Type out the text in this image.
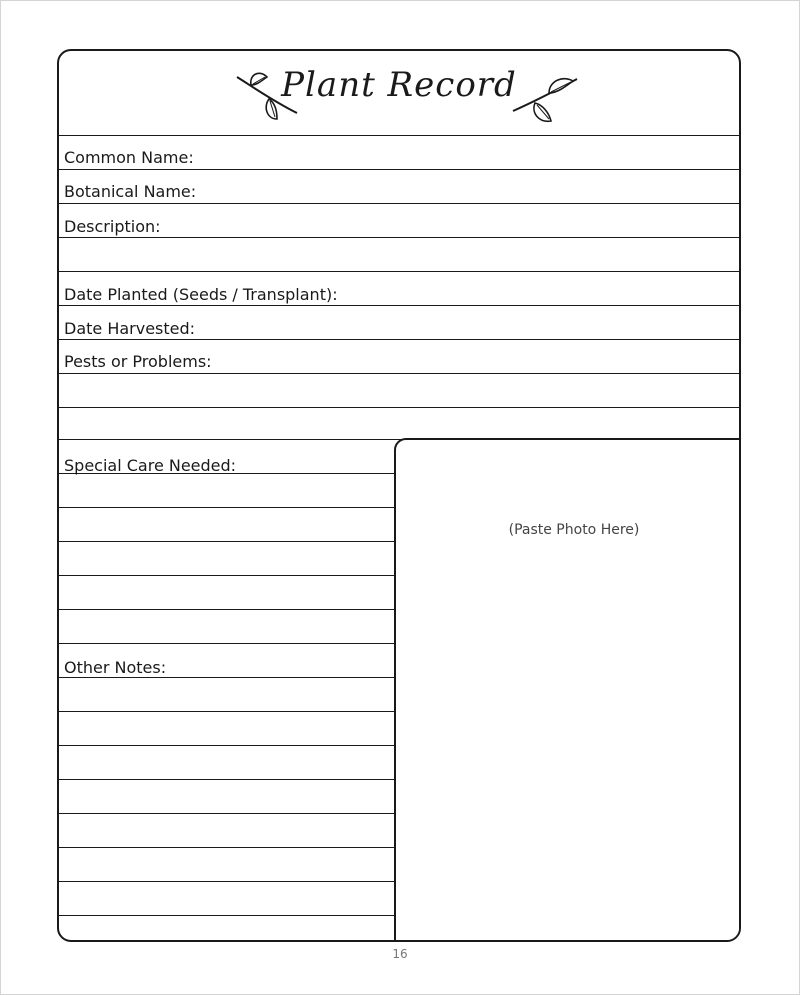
Plant Record
Common Name:
Botanical Name:
Description:
Date Planted (Seeds / Transplant):
Date Harvested:
Pests or Problems:
Special Care Needed:
Other Notes:
(Paste Photo Here)
16
